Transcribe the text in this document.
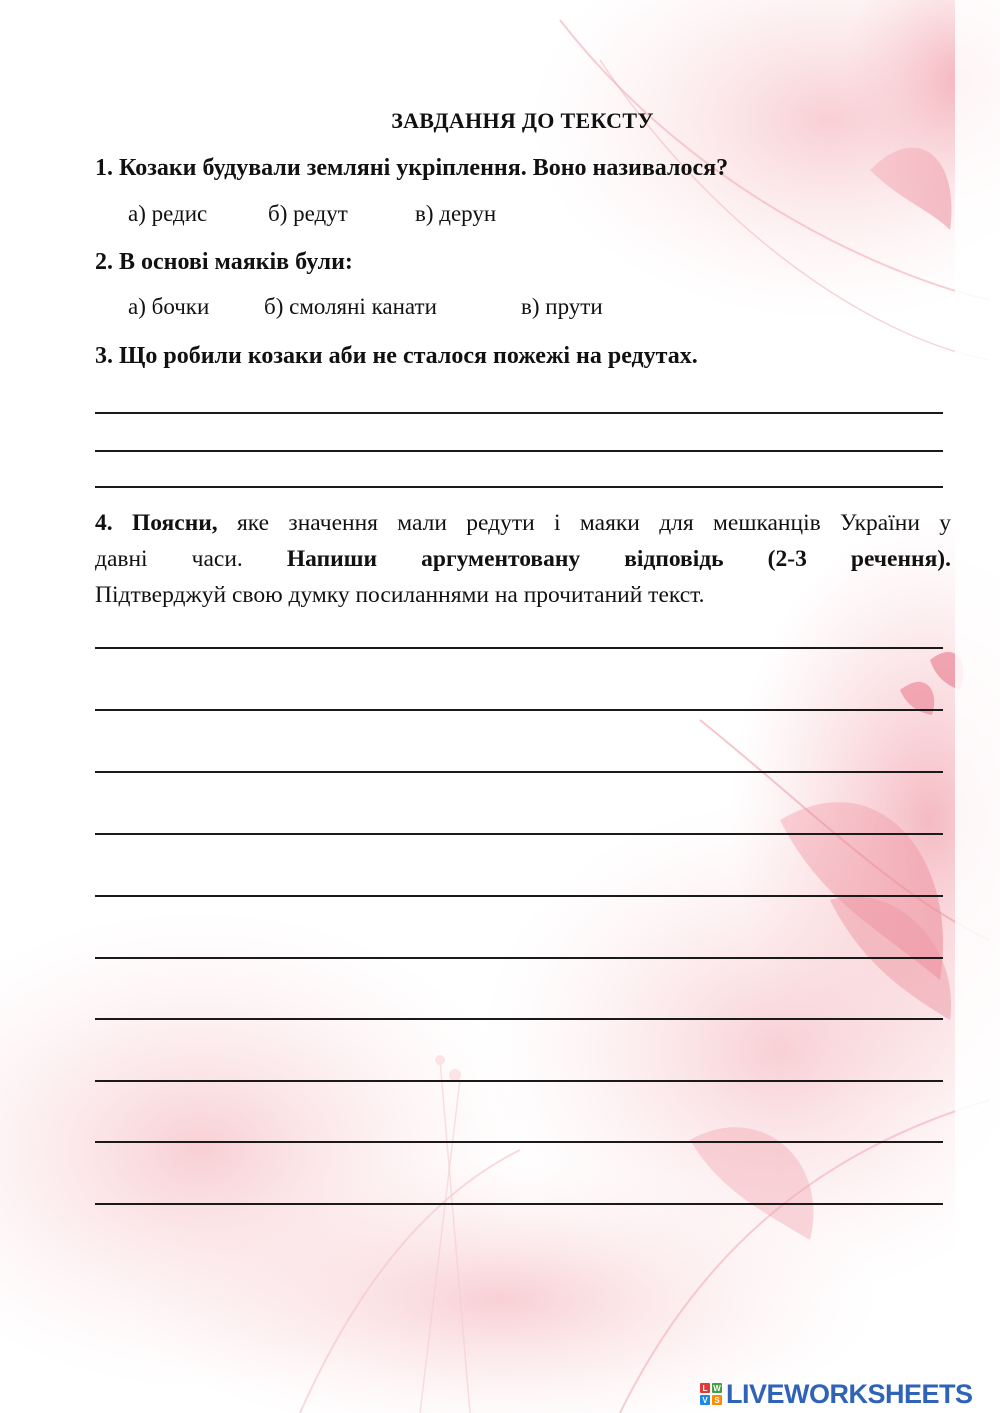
ЗАВДАННЯ ДО ТЕКСТУ
1. Козаки будували земляні укріплення. Воно називалося?
а) редис	б) редут	в) дерун
2. В основі маяків були:
а) бочки б) смоляні канати	в) прути
3. Що робили козаки аби не сталося пожежі на редутах.
4. Поясни, яке значення мали редути і маяки для мешканців України у
давні часи. Напиши аргументовану відповідь (2-3 речення).
Підтверджуй свою думку посиланнями на прочитаний текст.
L W
V S LIVEWORKSHEETS
